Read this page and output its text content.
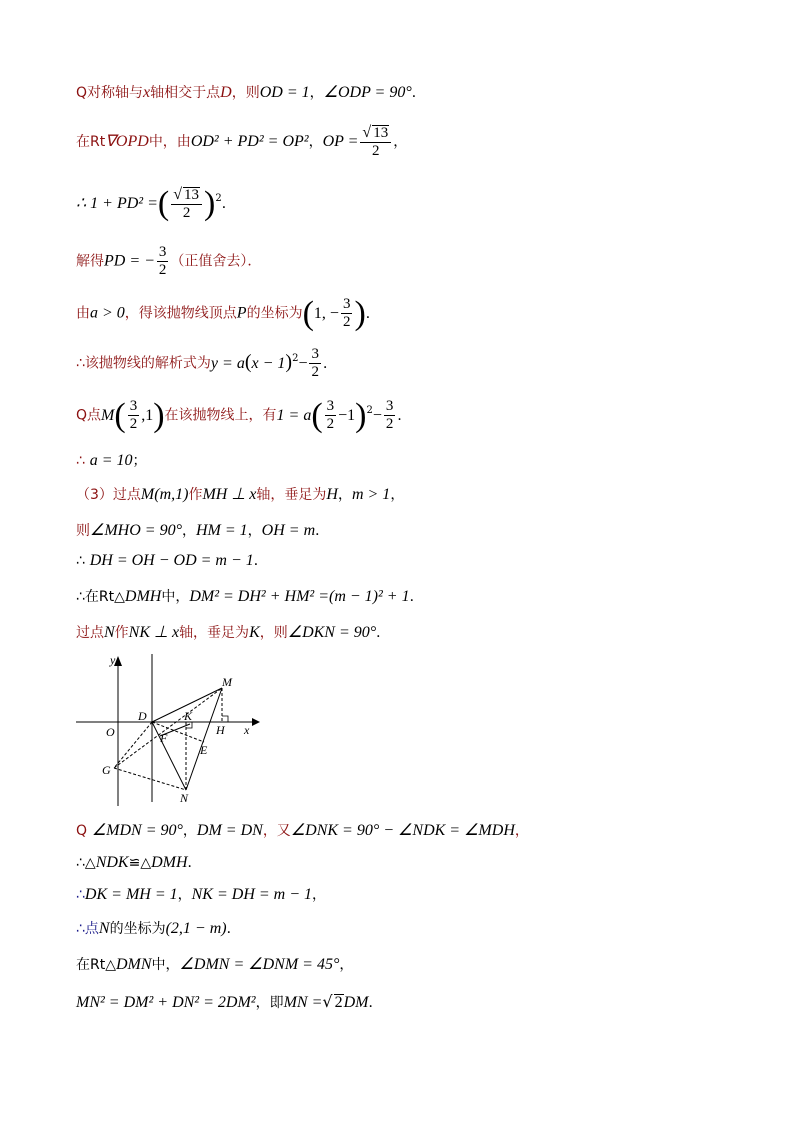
Q对称轴与x轴相交于点D，则OD = 1，∠ODP = 90°．
在Rt∇OPD中，由OD² + PD² = OP²，OP = $\frac{√ 13}{2}$ ，
∴ 1 + PD² =( $\frac{√ 13}{2} )^2$．
解得PD = − $\frac{3}{2}$ （正值舍去）．
由a > 0，得该抛物线顶点P的坐标为(1, − $\frac{3}{2}$ )．
∴该抛物线的解析式为$y = a(x - 1)^2- \frac{3}{2}$ ．
Q点$M( \frac{3}{2} ,1)$在该抛物线上，有$1 = a( \frac{3}{2} -1)^2- \frac{3}{2}$ ．
∴ a = 10；
（3）过点M(m,1)作MH ⊥ x轴，垂足为H，m > 1，
则∠MHO = 90°，HM = 1，OH = m．
∴ DH = OH − OD = m − 1．
∴在Rt△DMH中，DM² = DH² + HM² =(m − 1)² + 1．
过点N作NK ⊥ x轴，垂足为K，则∠DKN = 90°．
y
x
O
D	K
H
M
F
E
G
N
Q ∠MDN = 90°，DM = DN，又∠DNK = 90° − ∠NDK = ∠MDH，
∴△NDK≌△DMH．
∴DK = MH = 1，NK = DH = m − 1，
∴点N的坐标为(2,1 − m)．
在Rt△DMN中，∠DMN = ∠DNM = 45°，
MN² = DM² + DN² = 2DM²，即MN =√ 2DM．
